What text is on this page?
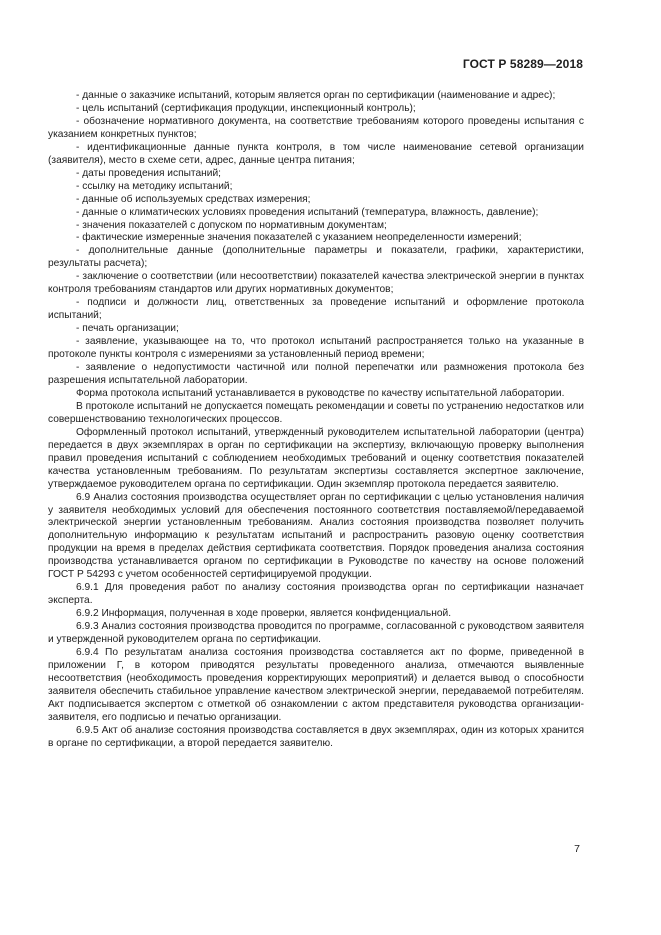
ГОСТ Р 58289—2018

- данные о заказчике испытаний, которым является орган по сертификации (наименование и адрес);

- цель испытаний (сертификация продукции, инспекционный контроль);

- обозначение нормативного документа, на соответствие требованиям которого проведены испытания с указанием конкретных пунктов;

- идентификационные данные пункта контроля, в том числе наименование сетевой организации (заявителя), место в схеме сети, адрес, данные центра питания;

- даты проведения испытаний;

- ссылку на методику испытаний;

- данные об используемых средствах измерения;

- данные о климатических условиях проведения испытаний (температура, влажность, давление);

- значения показателей с допуском по нормативным документам;

- фактические измеренные значения показателей с указанием неопределенности измерений;

- дополнительные данные (дополнительные параметры и показатели, графики, характеристики, результаты расчета);

- заключение о соответствии (или несоответствии) показателей качества электрической энергии в пунктах контроля требованиям стандартов или других нормативных документов;

- подписи и должности лиц, ответственных за проведение испытаний и оформление протокола испытаний;

- печать организации;

- заявление, указывающее на то, что протокол испытаний распространяется только на указанные в протоколе пункты контроля с измерениями за установленный период времени;

- заявление о недопустимости частичной или полной перепечатки или размножения протокола без разрешения испытательной лаборатории.

Форма протокола испытаний устанавливается в руководстве по качеству испытательной лаборатории.

В протоколе испытаний не допускается помещать рекомендации и советы по устранению недостатков или совершенствованию технологических процессов.

Оформленный протокол испытаний, утвержденный руководителем испытательной лаборатории (центра) передается в двух экземплярах в орган по сертификации на экспертизу, включающую проверку выполнения правил проведения испытаний с соблюдением необходимых требований и оценку соответствия показателей качества установленным требованиям. По результатам экспертизы составляется экспертное заключение, утверждаемое руководителем органа по сертификации. Один экземпляр протокола передается заявителю.

6.9 Анализ состояния производства осуществляет орган по сертификации с целью установления наличия у заявителя необходимых условий для обеспечения постоянного соответствия поставляемой/передаваемой электрической энергии установленным требованиям. Анализ состояния производства позволяет получить дополнительную информацию к результатам испытаний и распространить разовую оценку соответствия продукции на время в пределах действия сертификата соответствия. Порядок проведения анализа состояния производства устанавливается органом по сертификации в Руководстве по качеству на основе положений ГОСТ Р 54293 с учетом особенностей сертифицируемой продукции.

6.9.1 Для проведения работ по анализу состояния производства орган по сертификации назначает эксперта.

6.9.2 Информация, полученная в ходе проверки, является конфиденциальной.

6.9.3 Анализ состояния производства проводится по программе, согласованной с руководством заявителя и утвержденной руководителем органа по сертификации.

6.9.4 По результатам анализа состояния производства составляется акт по форме, приведенной в приложении Г, в котором приводятся результаты проведенного анализа, отмечаются выявленные несоответствия (необходимость проведения корректирующих мероприятий) и делается вывод о способности заявителя обеспечить стабильное управление качеством электрической энергии, передаваемой потребителям. Акт подписывается экспертом с отметкой об ознакомлении с актом представителя руководства организации-заявителя, его подписью и печатью организации.

6.9.5 Акт об анализе состояния производства составляется в двух экземплярах, один из которых хранится в органе по сертификации, а второй передается заявителю.

7
